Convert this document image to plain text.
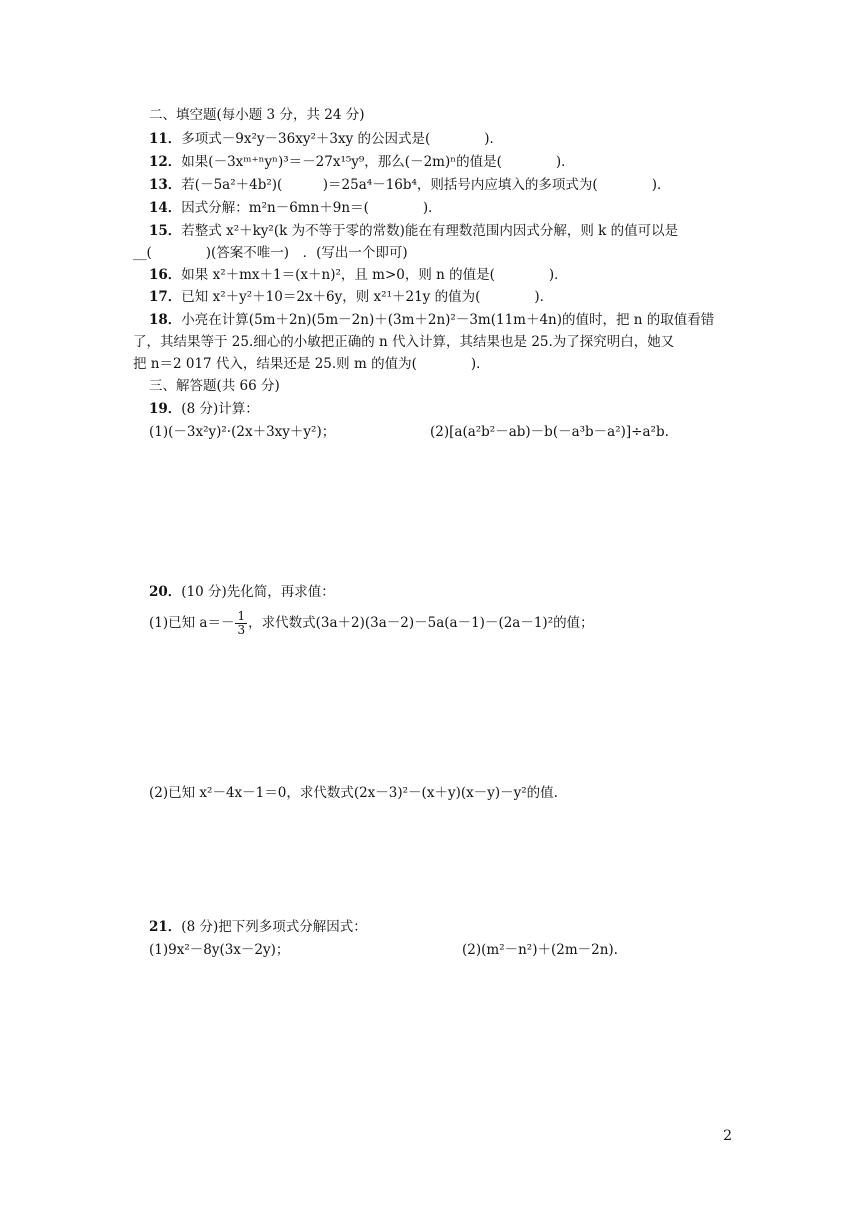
二、填空题(每小题 3 分，共 24 分)
11．多项式－9x²y－36xy²＋3xy 的公因式是(　　　　)．
12．如果(－3xᵐ⁺ⁿyⁿ)³＝－27x¹⁵y⁹，那么(－2m)ⁿ的值是(　　　　)．
13．若(－5a²＋4b²)(　　　)＝25a⁴－16b⁴，则括号内应填入的多项式为(　　　　)．
14．因式分解：m²n－6mn＋9n＝(　　　　)．
15．若整式 x²＋ky²(k 为不等于零的常数)能在有理数范围内因式分解，则 k 的值可以是
__(　　　　)(答案不唯一)　．(写出一个即可)
16．如果 x²＋mx＋1＝(x＋n)²，且 m>0，则 n 的值是(　　　　)．
17．已知 x²＋y²＋10＝2x＋6y，则 x²¹＋21y 的值为(　　　　)．
18．小亮在计算(5m＋2n)(5m－2n)＋(3m＋2n)²－3m(11m＋4n)的值时，把 n 的取值看错
了，其结果等于 25.细心的小敏把正确的 n 代入计算，其结果也是 25.为了探究明白，她又
把 n＝2 017 代入，结果还是 25.则 m 的值为(　　　　)．
三、解答题(共 66 分)
19．(8 分)计算：
(1)(－3x²y)²·(2x＋3xy＋y²)；	(2)[a(a²b²－ab)－b(－a³b－a²)]÷a²b.
20．(10 分)先化简，再求值：
(1)已知 $a=- \frac{1}{3}$ ，求代数式(3a＋2)(3a－2)－5a(a－1)－(2a－1)²的值；
(2)已知 x²－4x－1＝0，求代数式(2x－3)²－(x＋y)(x－y)－y²的值.
21．(8 分)把下列多项式分解因式：
(1)9x²－8y(3x－2y)；	(2)(m²－n²)＋(2m－2n).
2
